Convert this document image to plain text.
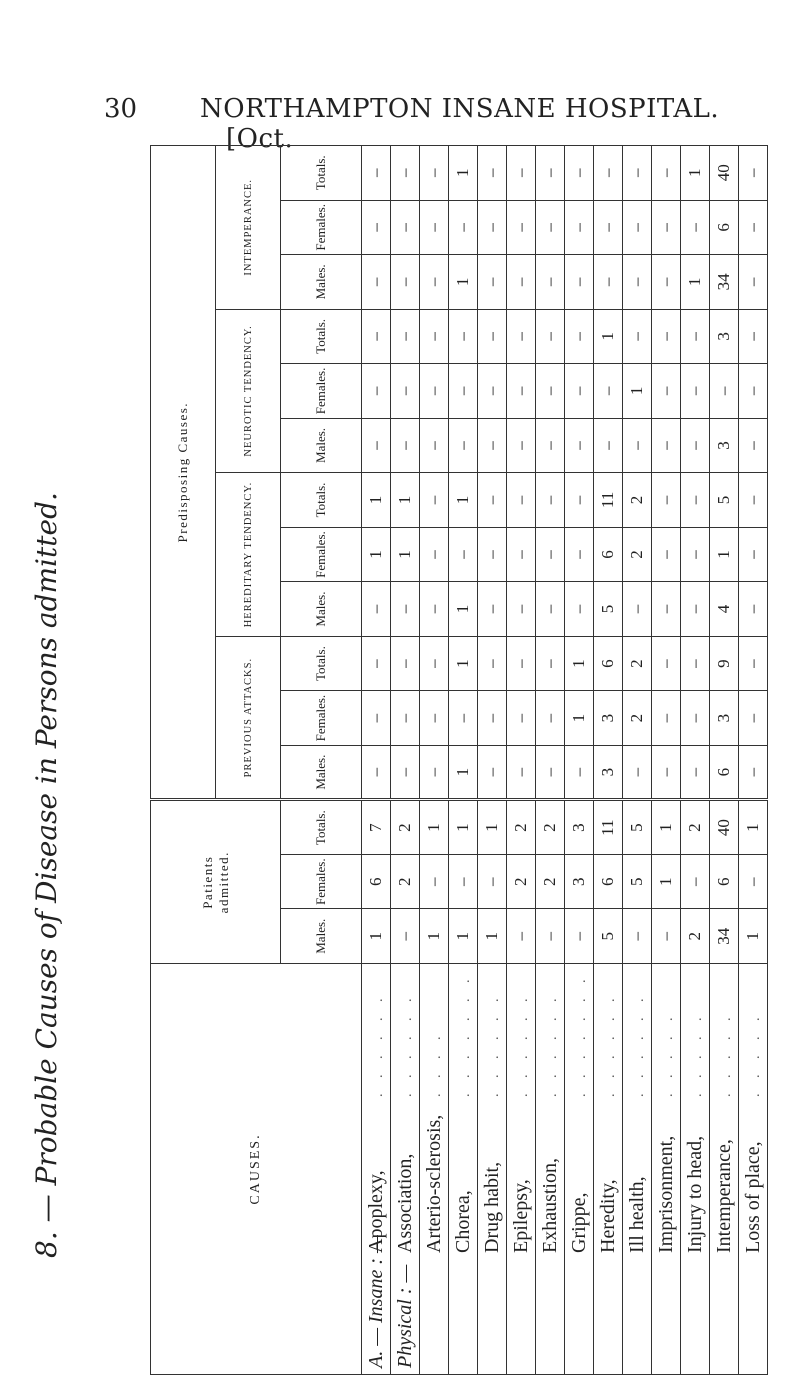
30 NORTHAMPTON INSANE HOSPITAL. [Oct.
8. — Probable Causes of Disease in Persons admitted.	CAUSES.	Patients admitted.			Predisposing Causes.											
				PREVIOUS ATTACKS.			HEREDITARY TENDENCY.			NEUROTIC TENDENCY.			INTEMPERANCE.		
	Males.	Females.	Totals.	Males.	Females.	Totals.	Males.	Females.	Totals.	Males.	Females.	Totals.	Males.	Females.	Totals.
A. — Insane : —Apoplexy,. . . . . .	1	6	7	–	–	–	–	1	1	–	–	–	–	–	–
Physical : —Association,. . . . . .	–	2	2	–	–	–	–	1	1	–	–	–	–	–	–
Arterio-sclerosis,. . . .	1	–	1	–	–	–	–	–	–	–	–	–	–	–	–
Chorea,. . . . . . .	1	–	1	1	–	1	1	–	1	–	–	–	1	–	1
Drug habit,. . . . . .	1	–	1	–	–	–	–	–	–	–	–	–	–	–	–
Epilepsy,. . . . . .	–	2	2	–	–	–	–	–	–	–	–	–	–	–	–
Exhaustion,. . . . . .	–	2	2	–	–	–	–	–	–	–	–	–	–	–	–
Grippe,. . . . . . .	–	3	3	–	1	1	–	–	–	–	–	–	–	–	–
Heredity,. . . . . .	5	6	11	3	3	6	5	6	11	–	–	1	–	–	–
Ill health,. . . . . .	–	5	5	–	2	2	–	2	2	–	1	–	–	–	–
Imprisonment,. . . . .	–	1	1	–	–	–	–	–	–	–	–	–	–	–	–
Injury to head,. . . . .	2	–	2	–	–	–	–	–	–	–	–	–	1	–	1
Intemperance,. . . . .	34	6	40	6	3	9	4	1	5	3	–	3	34	6	40
Loss of place,. . . . .	1	–	1	–	–	–	–	–	–	–	–	–	–	–	–
